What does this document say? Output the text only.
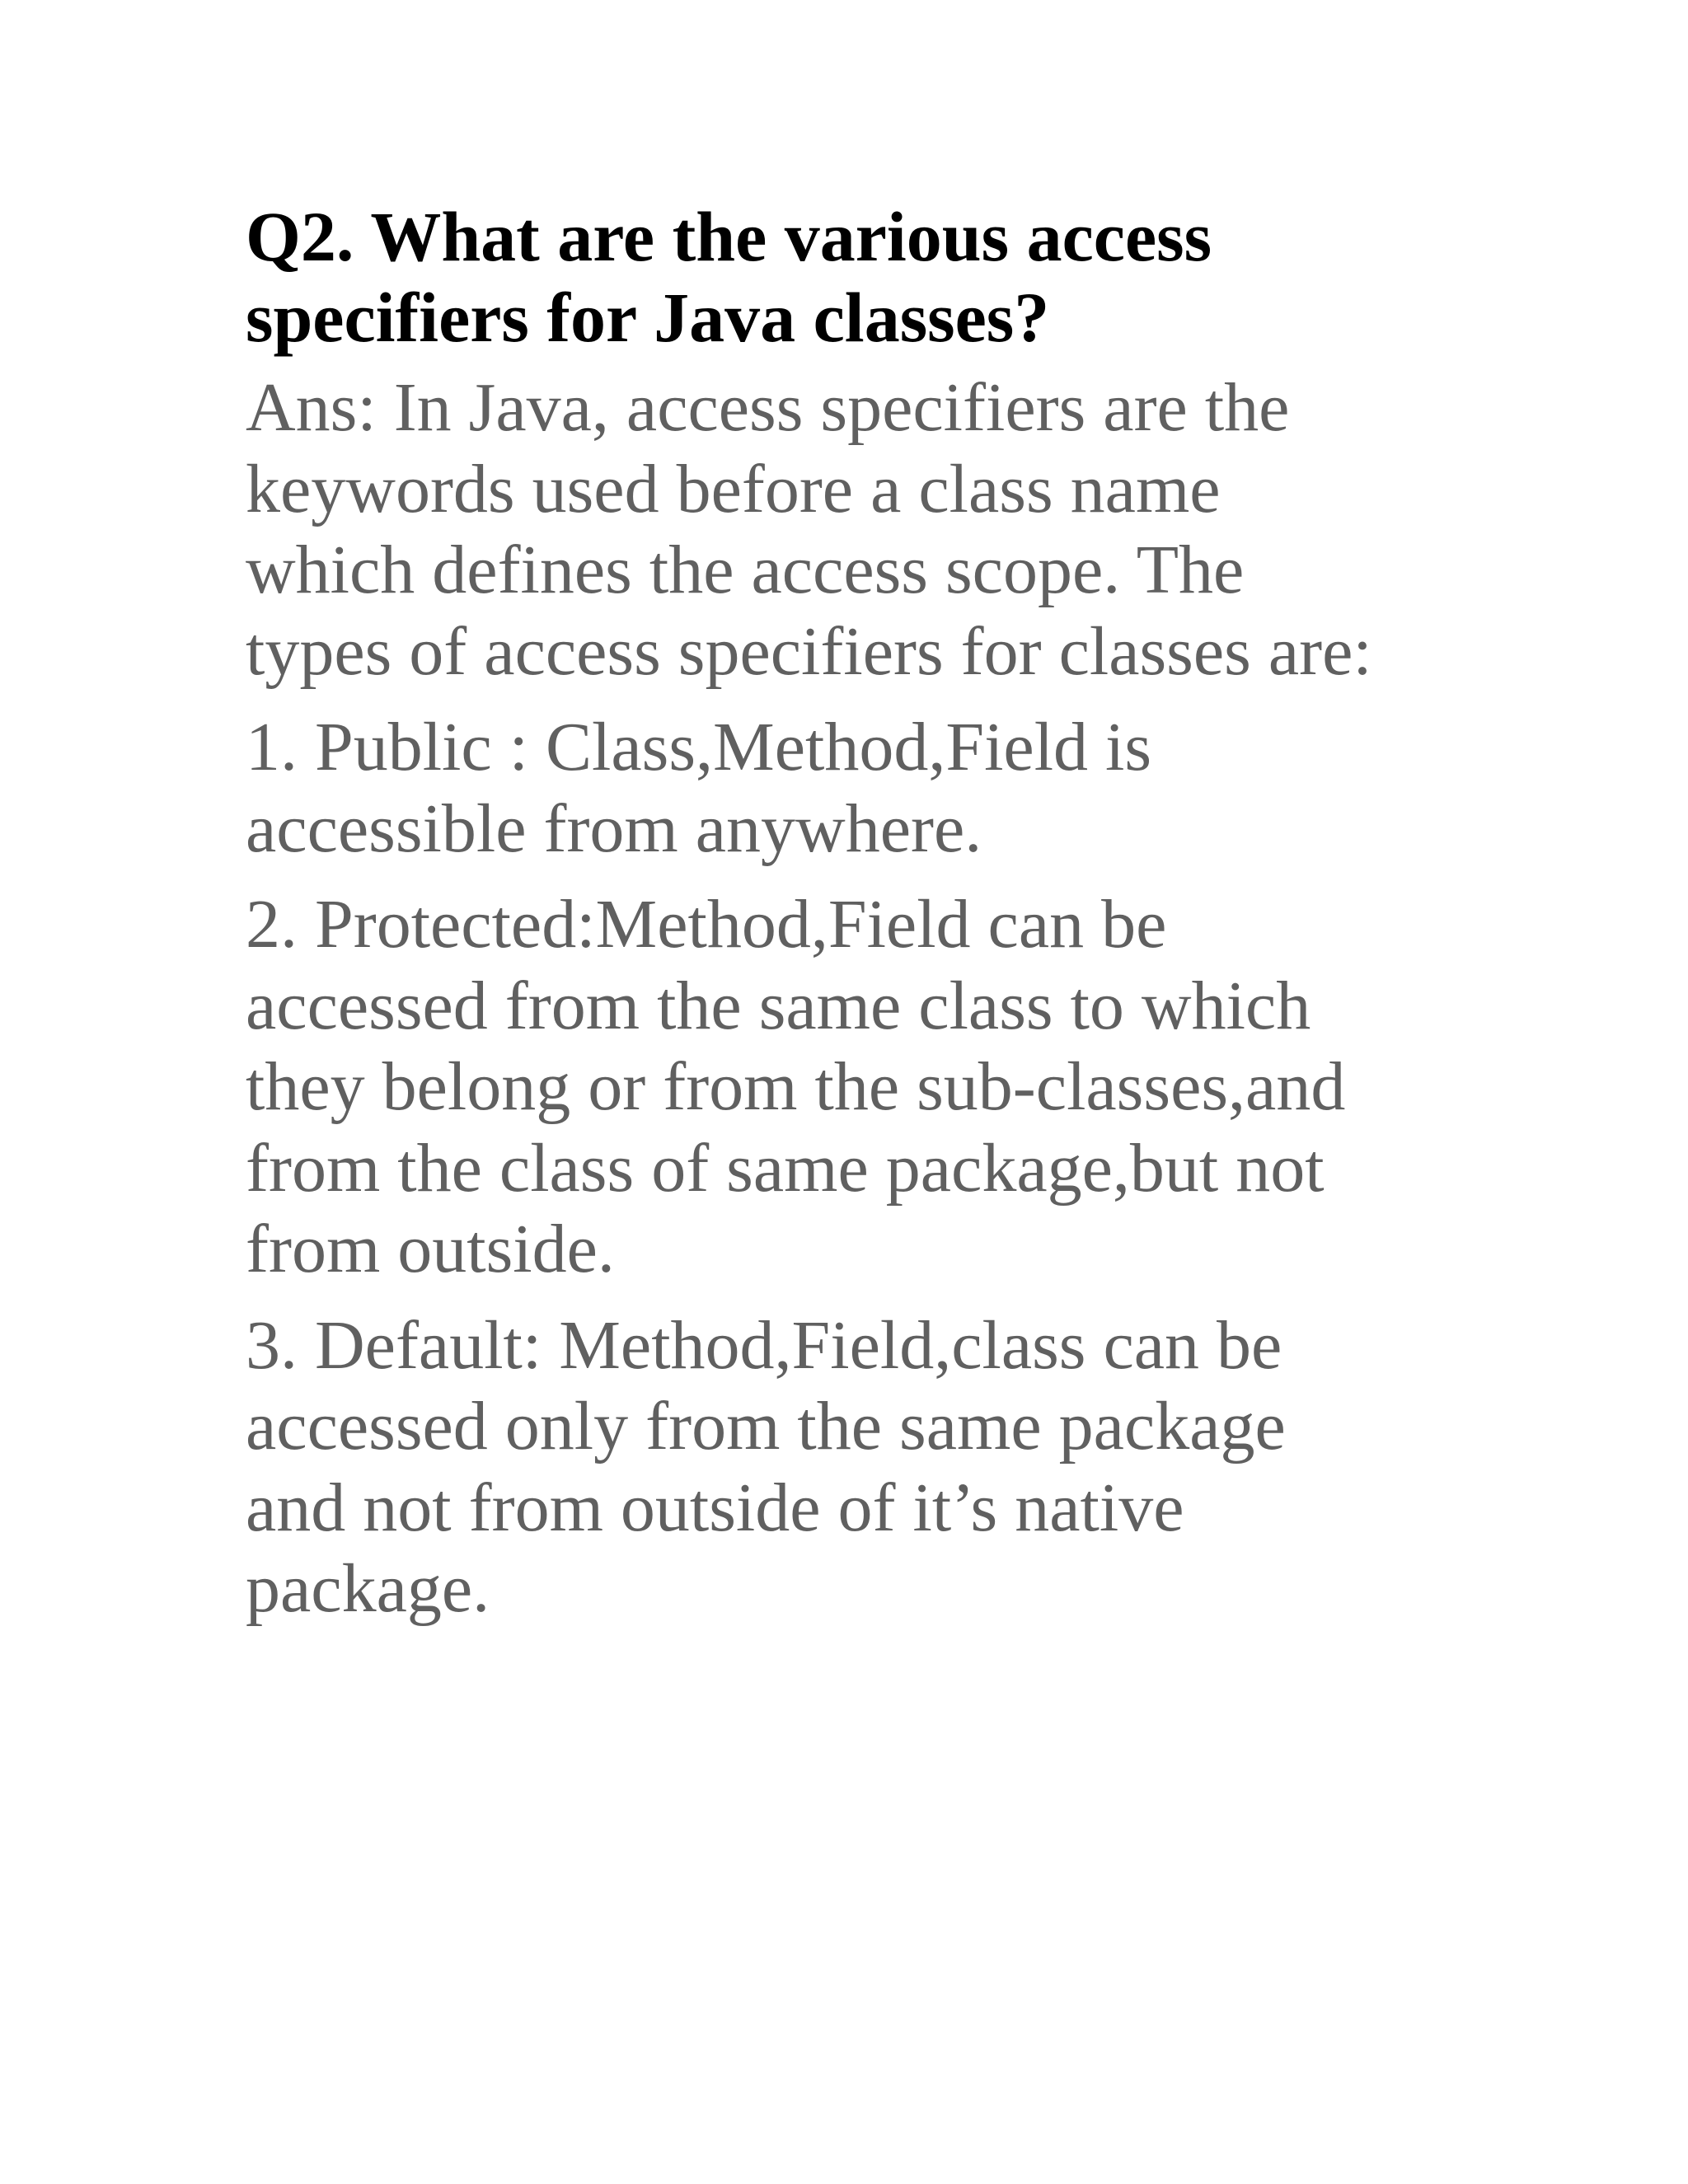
Q2. What are the various access specifiers for Java classes?

Ans: In Java, access specifiers are the
keywords used before a class name
which defines the access scope. The
types of access specifiers for classes are:

1. Public : Class,Method,Field is
accessible from anywhere.

2. Protected:Method,Field can be
accessed from the same class to which
they belong or from the sub-classes,and
from the class of same package,but not
from outside.

3. Default: Method,Field,class can be
accessed only from the same package
and not from outside of it’s native
package.
